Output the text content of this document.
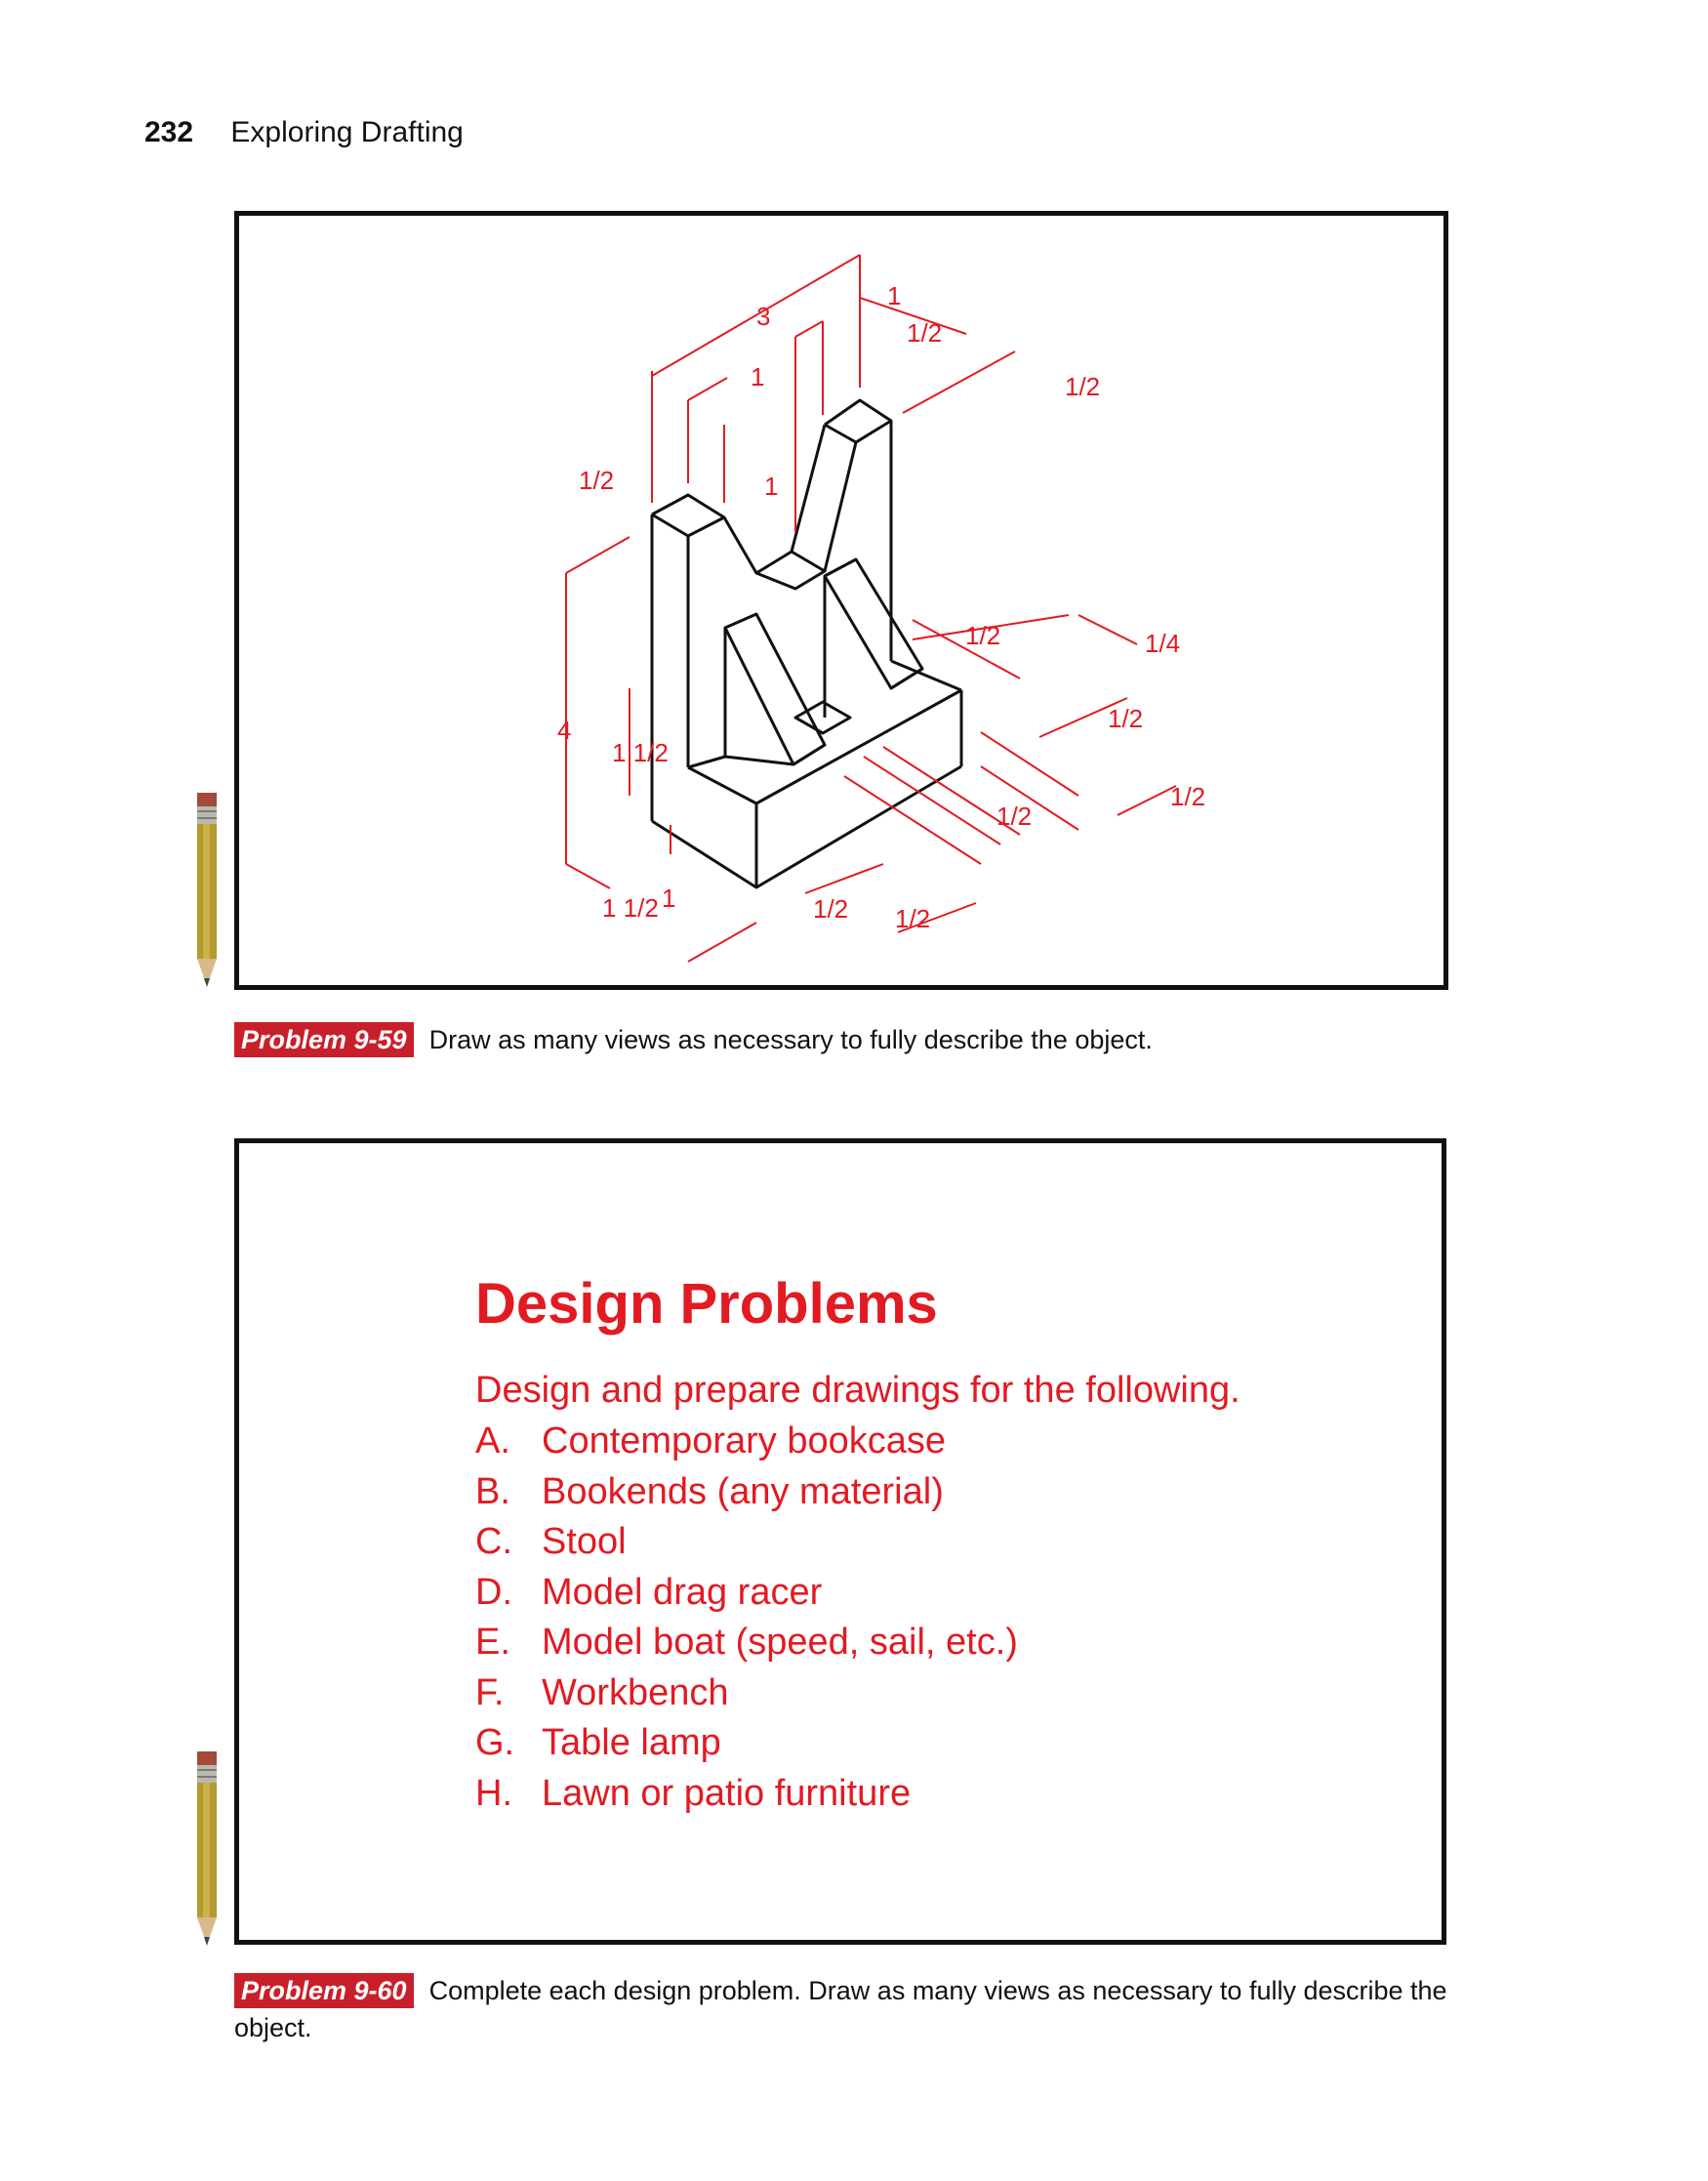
232 Exploring Drafting
3
1
1
1/2
1/2
1/2	1
4
1 1/2
1/2	1/4
1/2
1/2
1/2
1/2 1/2
1 1/2 1
Problem 9-59 Draw as many views as necessary to fully describe the object.
Design Problems
Design and prepare drawings for the following.
A. Contemporary bookcase
B. Bookends (any material)
C. Stool
D. Model drag racer
E. Model boat (speed, sail, etc.)
F. Workbench
G. Table lamp
H. Lawn or patio furniture
Problem 9-60 Complete each design problem. Draw as many views as necessary to fully describe the object.
